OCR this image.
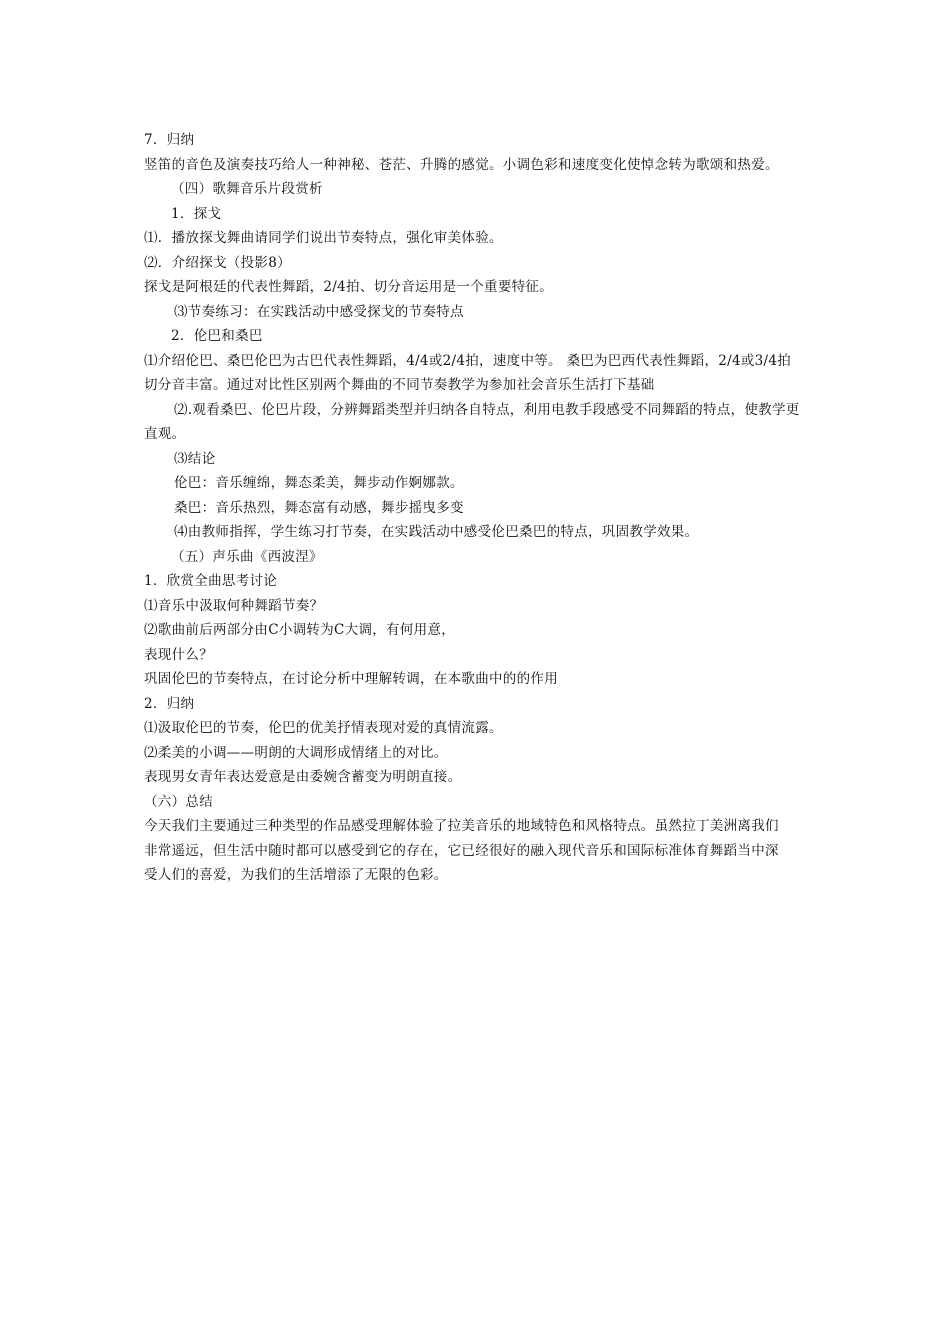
7．归纳
竖笛的音色及演奏技巧给人一种神秘、苍茫、升腾的感觉。小调色彩和速度变化使悼念转为歌颂和热爱。
（四）歌舞音乐片段赏析
1．探戈
⑴．播放探戈舞曲请同学们说出节奏特点，强化审美体验。
⑵．介绍探戈（投影8）
探戈是阿根廷的代表性舞蹈，2/4拍、切分音运用是一个重要特征。
⑶节奏练习：在实践活动中感受探戈的节奏特点
2．伦巴和桑巴
⑴介绍伦巴、桑巴伦巴为古巴代表性舞蹈，4/4或2/4拍，速度中等。 桑巴为巴西代表性舞蹈，2/4或3/4拍
切分音丰富。通过对比性区别两个舞曲的不同节奏教学为参加社会音乐生活打下基础
⑵.观看桑巴、伦巴片段，分辨舞蹈类型并归纳各自特点，利用电教手段感受不同舞蹈的特点，使教学更
直观。
⑶结论
伦巴：音乐缠绵，舞态柔美，舞步动作婀娜款。
桑巴：音乐热烈，舞态富有动感，舞步摇曳多变
⑷由教师指挥，学生练习打节奏，在实践活动中感受伦巴桑巴的特点，巩固教学效果。
（五）声乐曲《西波涅》
1．欣赏全曲思考讨论
⑴音乐中汲取何种舞蹈节奏？
⑵歌曲前后两部分由C小调转为C大调，有何用意，
表现什么？
巩固伦巴的节奏特点，在讨论分析中理解转调，在本歌曲中的的作用
2．归纳
⑴汲取伦巴的节奏，伦巴的优美抒情表现对爱的真情流露。
⑵柔美的小调——明朗的大调形成情绪上的对比。
表现男女青年表达爱意是由委婉含蓄变为明朗直接。
（六）总结
今天我们主要通过三种类型的作品感受理解体验了拉美音乐的地域特色和风格特点。虽然拉丁美洲离我们
非常遥远，但生活中随时都可以感受到它的存在，它已经很好的融入现代音乐和国际标准体育舞蹈当中深
受人们的喜爱，为我们的生活增添了无限的色彩。
